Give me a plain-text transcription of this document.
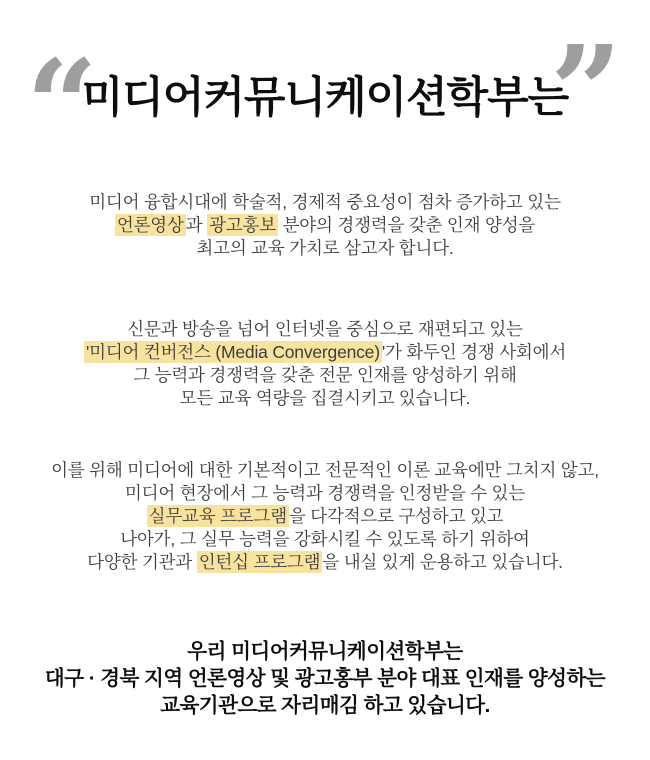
“
미디어커뮤니케이션학부는
”
미디어 융합시대에 학술적, 경제적 중요성이 점차 증가하고 있는
언론영상 과 광고홍보 분야의 경쟁력을 갖춘 인재 양성을
최고의 교육 가치로 삼고자 합니다.
신문과 방송을 넘어 인터넷을 중심으로 재편되고 있는
'미디어 컨버전스 (Media Convergence) '가 화두인 경쟁 사회에서
그 능력과 경쟁력을 갖춘 전문 인재를 양성하기 위해
모든 교육 역량을 집결시키고 있습니다.
이를 위해 미디어에 대한 기본적이고 전문적인 이론 교육에만 그치지 않고,
미디어 현장에서 그 능력과 경쟁력을 인정받을 수 있는
실무교육 프로그램 을 다각적으로 구성하고 있고
나아가, 그 실무 능력을 강화시킬 수 있도록 하기 위하여
다양한 기관과 인턴십 프로그램 을 내실 있게 운용하고 있습니다.
우리 미디어커뮤니케이션학부는
대구 · 경북 지역 언론영상 및 광고홍부 분야 대표 인재를 양성하는
교육기관으로 자리매김 하고 있습니다.
